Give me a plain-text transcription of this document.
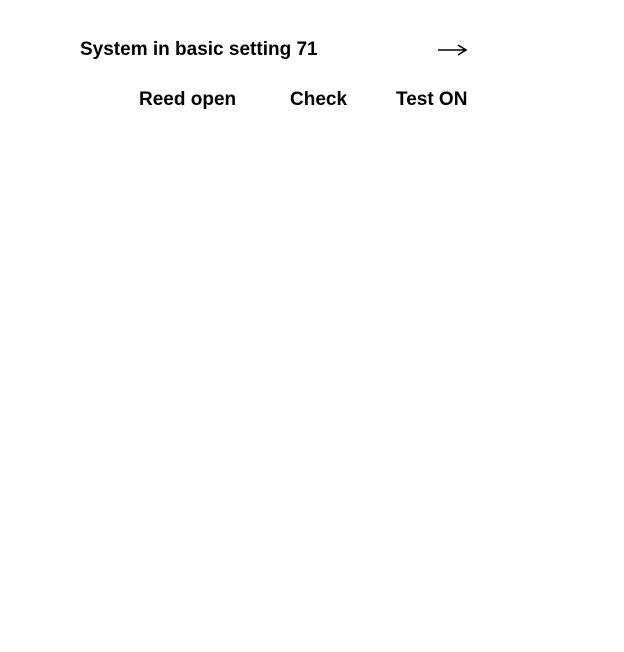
System in basic setting 71
Reed open	Check	Test ON
